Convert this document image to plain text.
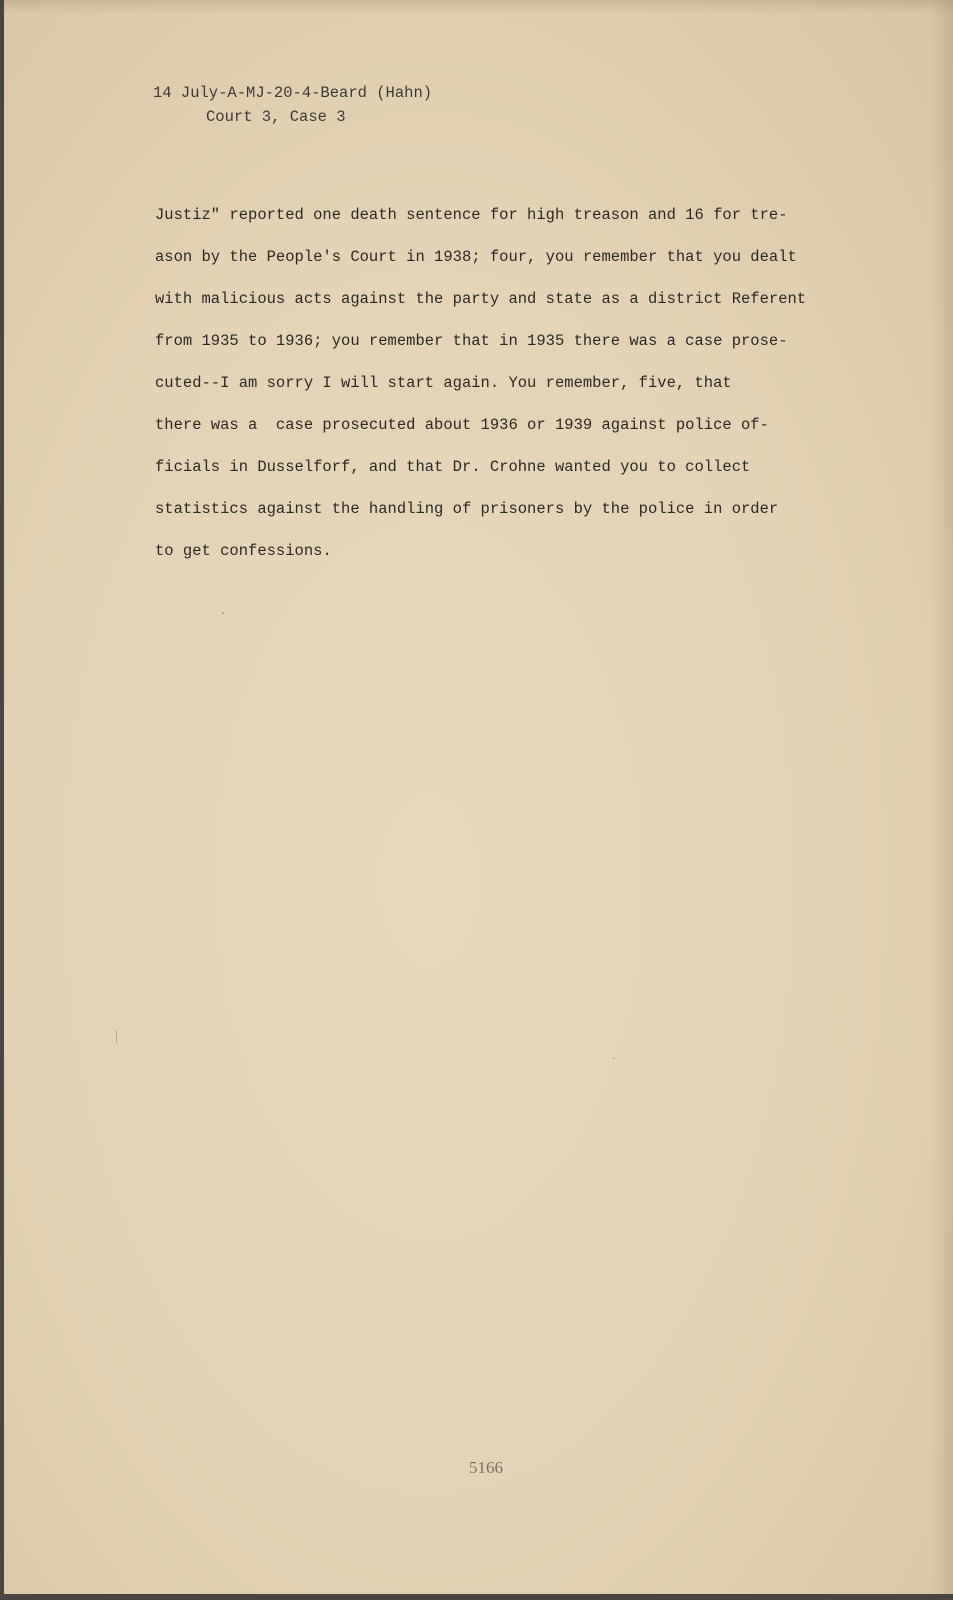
14 July-A-MJ-20-4-Beard (Hahn)
Court 3, Case 3
Justiz" reported one death sentence for high treason and 16 for tre-
ason by the People's Court in 1938; four, you remember that you dealt
with malicious acts against the party and state as a district Referent
from 1935 to 1936; you remember that in 1935 there was a case prose-
cuted--I am sorry I will start again. You remember, five, that
there was a  case prosecuted about 1936 or 1939 against police of-
ficials in Dusselforf, and that Dr. Crohne wanted you to collect
statistics against the handling of prisoners by the police in order
to get confessions.
5166
